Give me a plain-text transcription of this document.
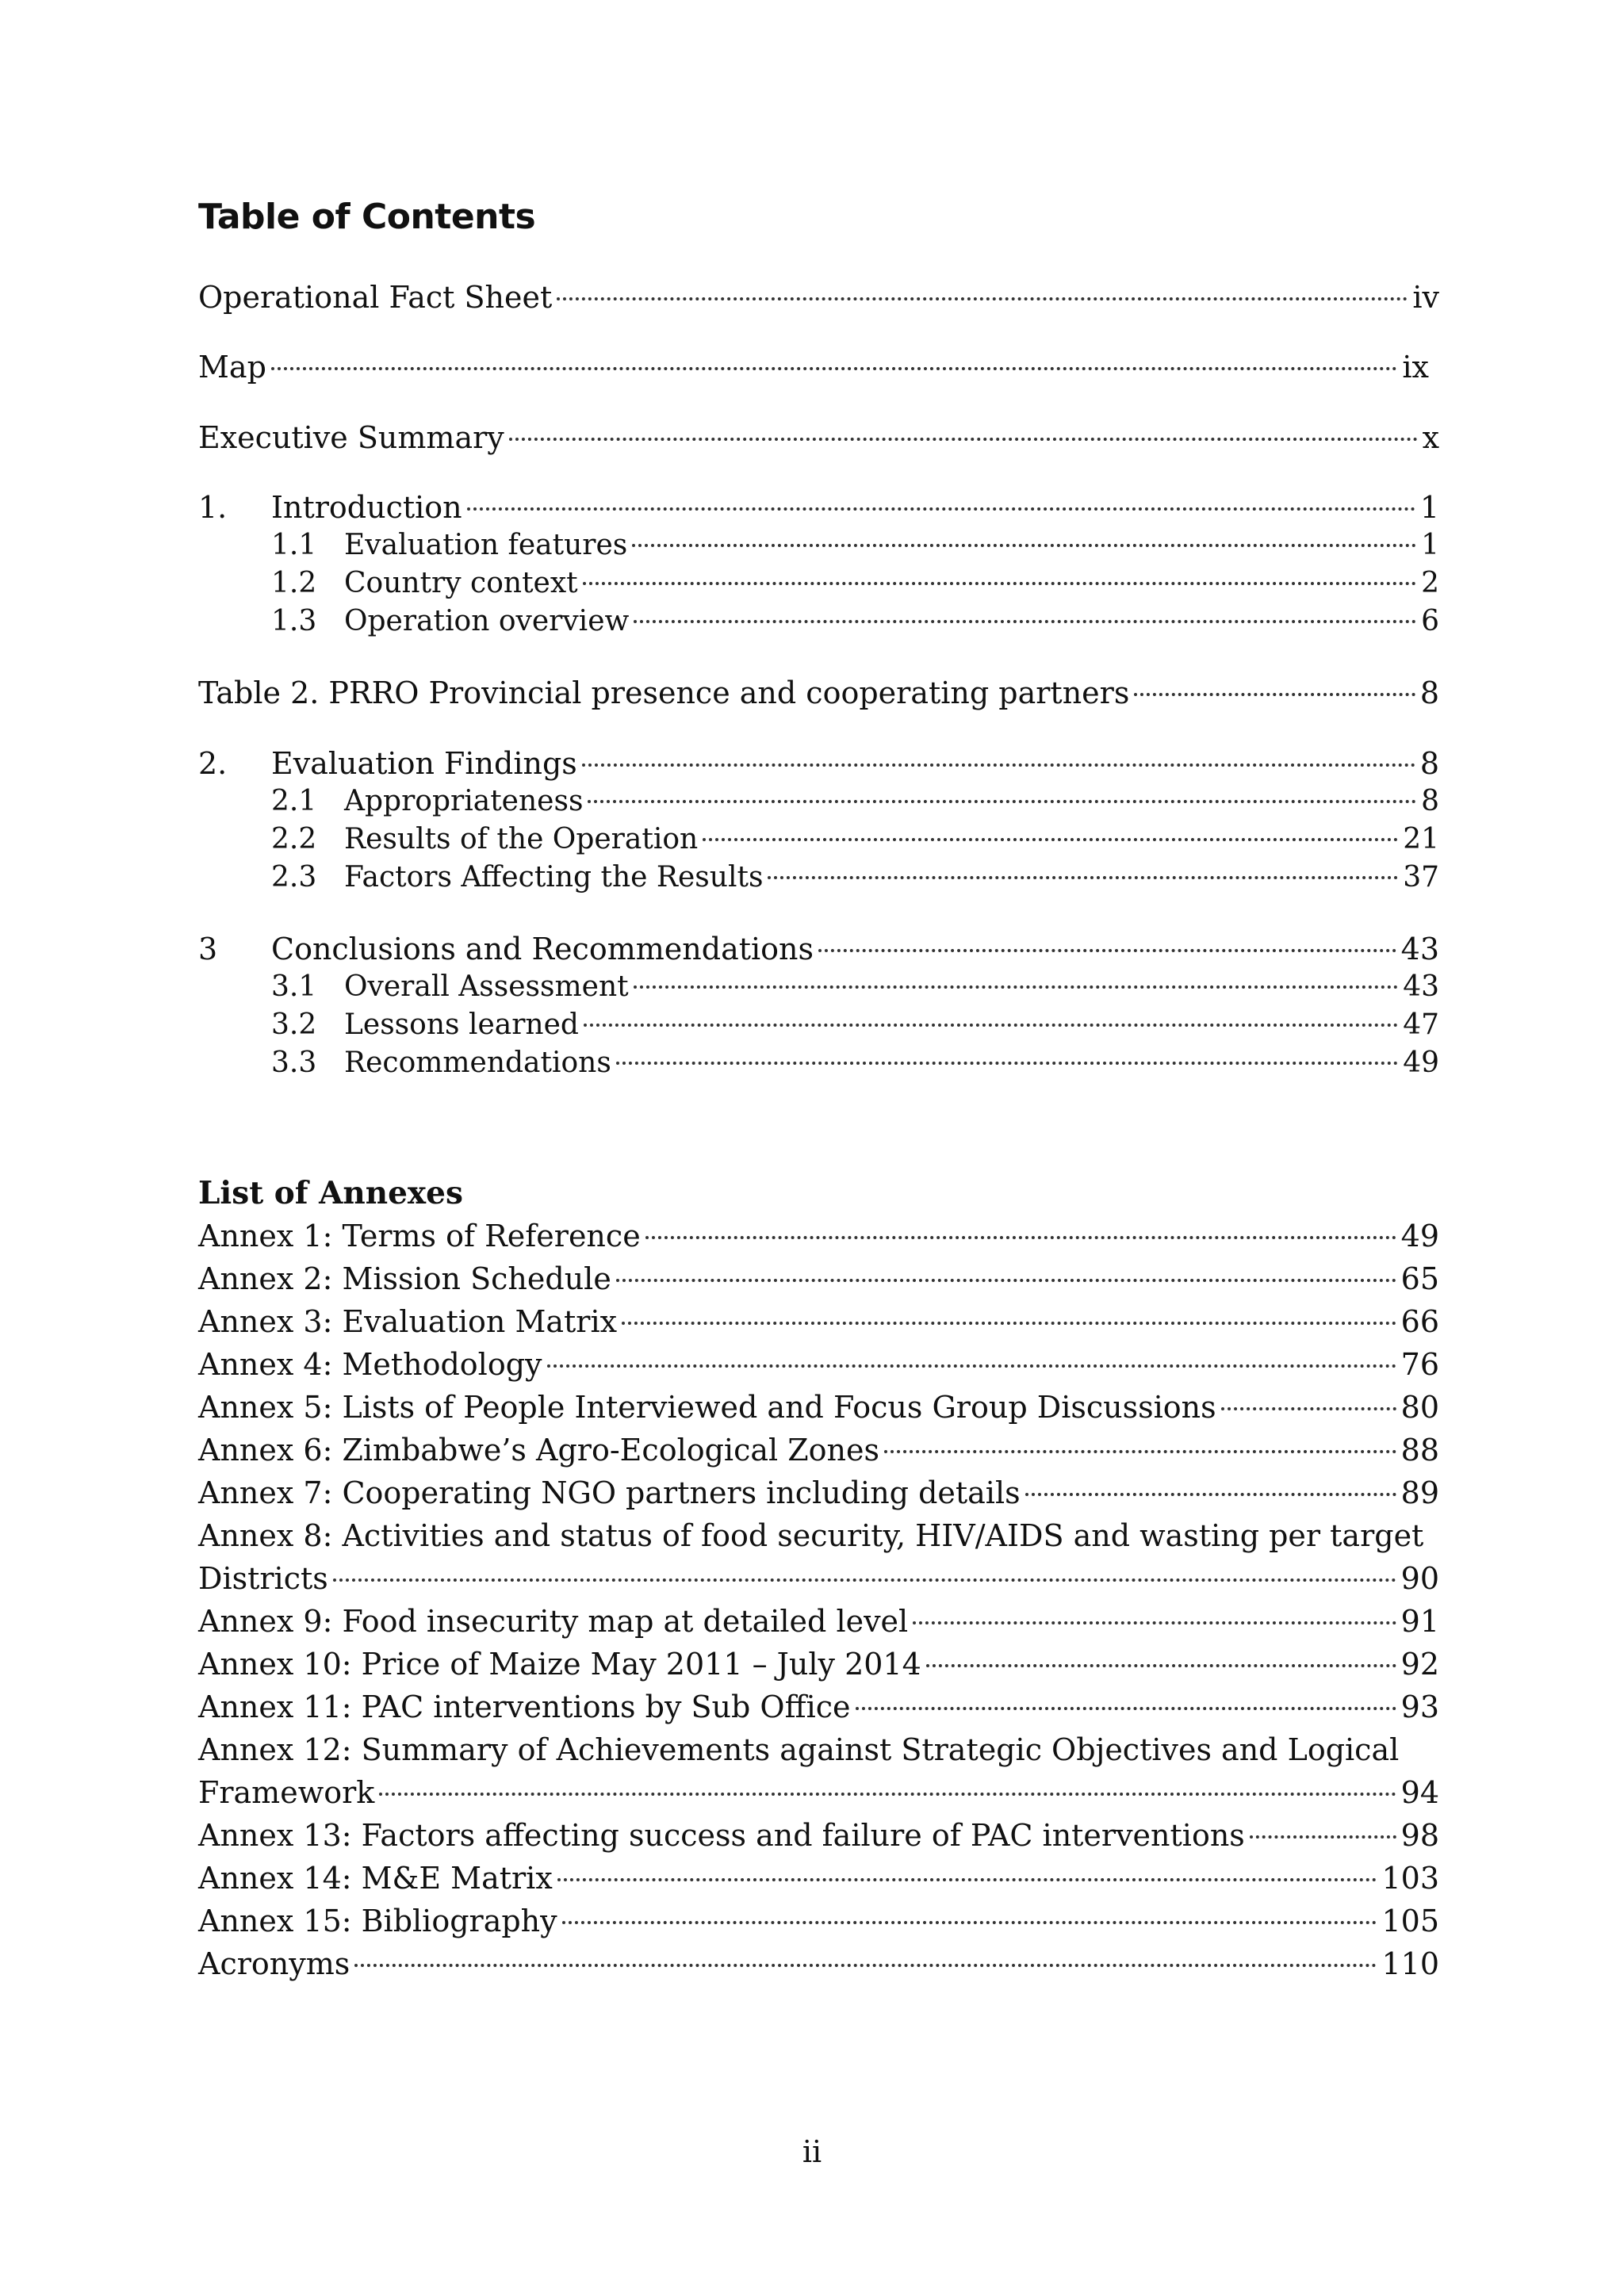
Table of Contents
Operational Fact Sheet	iv
Map	ix
Executive Summary	x
1.	Introduction	1
1.1 Evaluation features	1
1.2 Country context	2
1.3 Operation overview	6
Table 2. PRRO Provincial presence and cooperating partners	8
2.	Evaluation Findings	8
2.1 Appropriateness	8
2.2 Results of the Operation	21
2.3 Factors Affecting the Results	37
3	Conclusions and Recommendations	43
3.1 Overall Assessment	43
3.2 Lessons learned	47
3.3 Recommendations	49
List of Annexes
Annex 1: Terms of Reference	49
Annex 2: Mission Schedule	65
Annex 3: Evaluation Matrix	66
Annex 4: Methodology	76
Annex 5: Lists of People Interviewed and Focus Group Discussions	80
Annex 6: Zimbabwe’s Agro-Ecological Zones	88
Annex 7: Cooperating NGO partners including details	89
Annex 8: Activities and status of food security, HIV/AIDS and wasting per target
Districts	90
Annex 9: Food insecurity map at detailed level	91
Annex 10: Price of Maize May 2011 – July 2014	92
Annex 11: PAC interventions by Sub Office	93
Annex 12: Summary of Achievements against Strategic Objectives and Logical
Framework	94
Annex 13: Factors affecting success and failure of PAC interventions	98
Annex 14: M&E Matrix	103
Annex 15: Bibliography	105
Acronyms	110
ii
